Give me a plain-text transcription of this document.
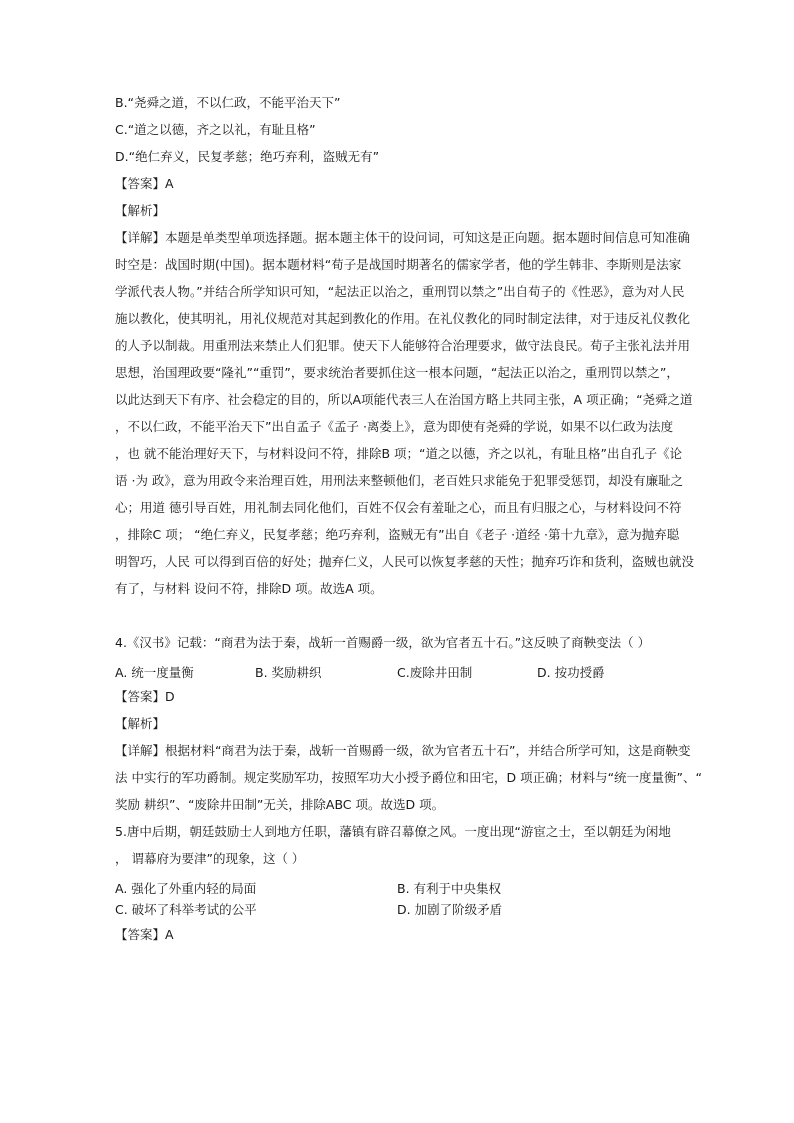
B.“尧舜之道，不以仁政，不能平治天下”
C.“道之以德，齐之以礼，有耻且格”
D.“绝仁弃义，民复孝慈；绝巧弃利，盗贼无有”
【答案】A
【解析】
【详解】本题是单类型单项选择题。据本题主体干的设问词，可知这是正向题。据本题时间信息可知准确
时空是：战国时期(中国)。据本题材料“荀子是战国时期著名的儒家学者，他的学生韩非、李斯则是法家
学派代表人物。”并结合所学知识可知，“起法正以治之，重刑罚以禁之”出自荀子的《性恶》，意为对人民
施以教化，使其明礼，用礼仪规范对其起到教化的作用。在礼仪教化的同时制定法律，对于违反礼仪教化
的人予以制裁。用重刑法来禁止人们犯罪。使天下人能够符合治理要求，做守法良民。荀子主张礼法并用
思想，治国理政要“隆礼”“重罚”，要求统治者要抓住这一根本问题，“起法正以治之，重刑罚以禁之”，
以此达到天下有序、社会稳定的目的，所以A项能代表三人在治国方略上共同主张，A 项正确；“尧舜之道
，不以仁政，不能平治天下”出自孟子《孟子 ·离娄上》，意为即使有尧舜的学说，如果不以仁政为法度
，也 就不能治理好天下，与材料设问不符，排除B 项；“道之以德，齐之以礼，有耻且格”出自孔子《论
语 ·为 政》，意为用政令来治理百姓，用刑法来整顿他们，老百姓只求能免于犯罪受惩罚，却没有廉耻之
心；用道 德引导百姓，用礼制去同化他们，百姓不仅会有羞耻之心，而且有归服之心，与材料设问不符
，排除C 项； “绝仁弃义，民复孝慈；绝巧弃利，盗贼无有”出自《老子 ·道经 ·第十九章》，意为抛弃聪
明智巧，人民 可以得到百倍的好处；抛弃仁义，人民可以恢复孝慈的天性；抛弃巧诈和货利，盗贼也就没
有了，与材料 设问不符，排除D 项。故选A 项。
4.《汉书》记载：“商君为法于秦，战斩一首赐爵一级，欲为官者五十石。”这反映了商鞅变法（ ）
A. 统一度量衡	B. 奖励耕织	C.废除井田制	D. 按功授爵
【答案】D
【解析】
【详解】根据材料“商君为法于秦，战斩一首赐爵一级，欲为官者五十石”，并结合所学可知，这是商鞅变
法 中实行的军功爵制。规定奖励军功，按照军功大小授予爵位和田宅，D 项正确；材料与“统一度量衡”、“
奖励 耕织”、“废除井田制”无关，排除ABC 项。故选D 项。
5.唐中后期，朝廷鼓励士人到地方任职，藩镇有辟召幕僚之风。一度出现“游宦之士，至以朝廷为闲地
， 谓幕府为要津”的现象，这（ ）
A. 强化了外重内轻的局面	B. 有利于中央集权
C. 破坏了科举考试的公平	D. 加剧了阶级矛盾
【答案】A
